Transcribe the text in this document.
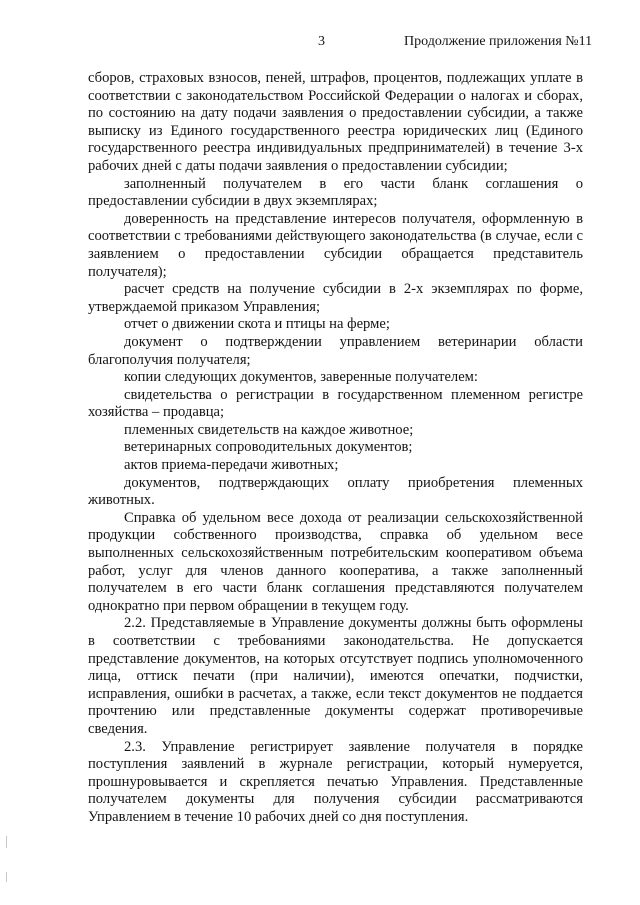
3	Продолжение приложения №11

сборов, страховых взносов, пеней, штрафов, процентов, подлежащих уплате в соответствии с законодательством Российской Федерации о налогах и сборах, по состоянию на дату подачи заявления о предоставлении субсидии, а также выписку из Единого государственного реестра юридических лиц (Единого государственного реестра индивидуальных предпринимателей) в течение 3-х рабочих дней с даты подачи заявления о предоставлении субсидии;

заполненный получателем в его части бланк соглашения о предоставлении субсидии в двух экземплярах;

доверенность на представление интересов получателя, оформленную в соответствии с требованиями действующего законодательства (в случае, если с заявлением о предоставлении субсидии обращается представитель получателя);

расчет средств на получение субсидии в 2-х экземплярах по форме, утверждаемой приказом Управления;

отчет о движении скота и птицы на ферме;

документ о подтверждении управлением ветеринарии области благополучия получателя;

копии следующих документов, заверенные получателем:

свидетельства о регистрации в государственном племенном регистре хозяйства – продавца;

племенных свидетельств на каждое животное;

ветеринарных сопроводительных документов;

актов приема-передачи животных;

документов, подтверждающих оплату приобретения племенных животных.

Справка об удельном весе дохода от реализации сельскохозяйственной продукции собственного производства, справка об удельном весе выполненных сельскохозяйственным потребительским кооперативом объема работ, услуг для членов данного кооператива, а также заполненный получателем в его части бланк соглашения представляются получателем однократно при первом обращении в текущем году.

2.2. Представляемые в Управление документы должны быть оформлены в соответствии с требованиями законодательства. Не допускается представление документов, на которых отсутствует подпись уполномоченного лица, оттиск печати (при наличии), имеются опечатки, подчистки, исправления, ошибки в расчетах, а также, если текст документов не поддается прочтению или представленные документы содержат противоречивые сведения.

2.3. Управление регистрирует заявление получателя в порядке поступления заявлений в журнале регистрации, который нумеруется, прошнуровывается и скрепляется печатью Управления. Представленные получателем документы для получения субсидии рассматриваются Управлением в течение 10 рабочих дней со дня поступления.
